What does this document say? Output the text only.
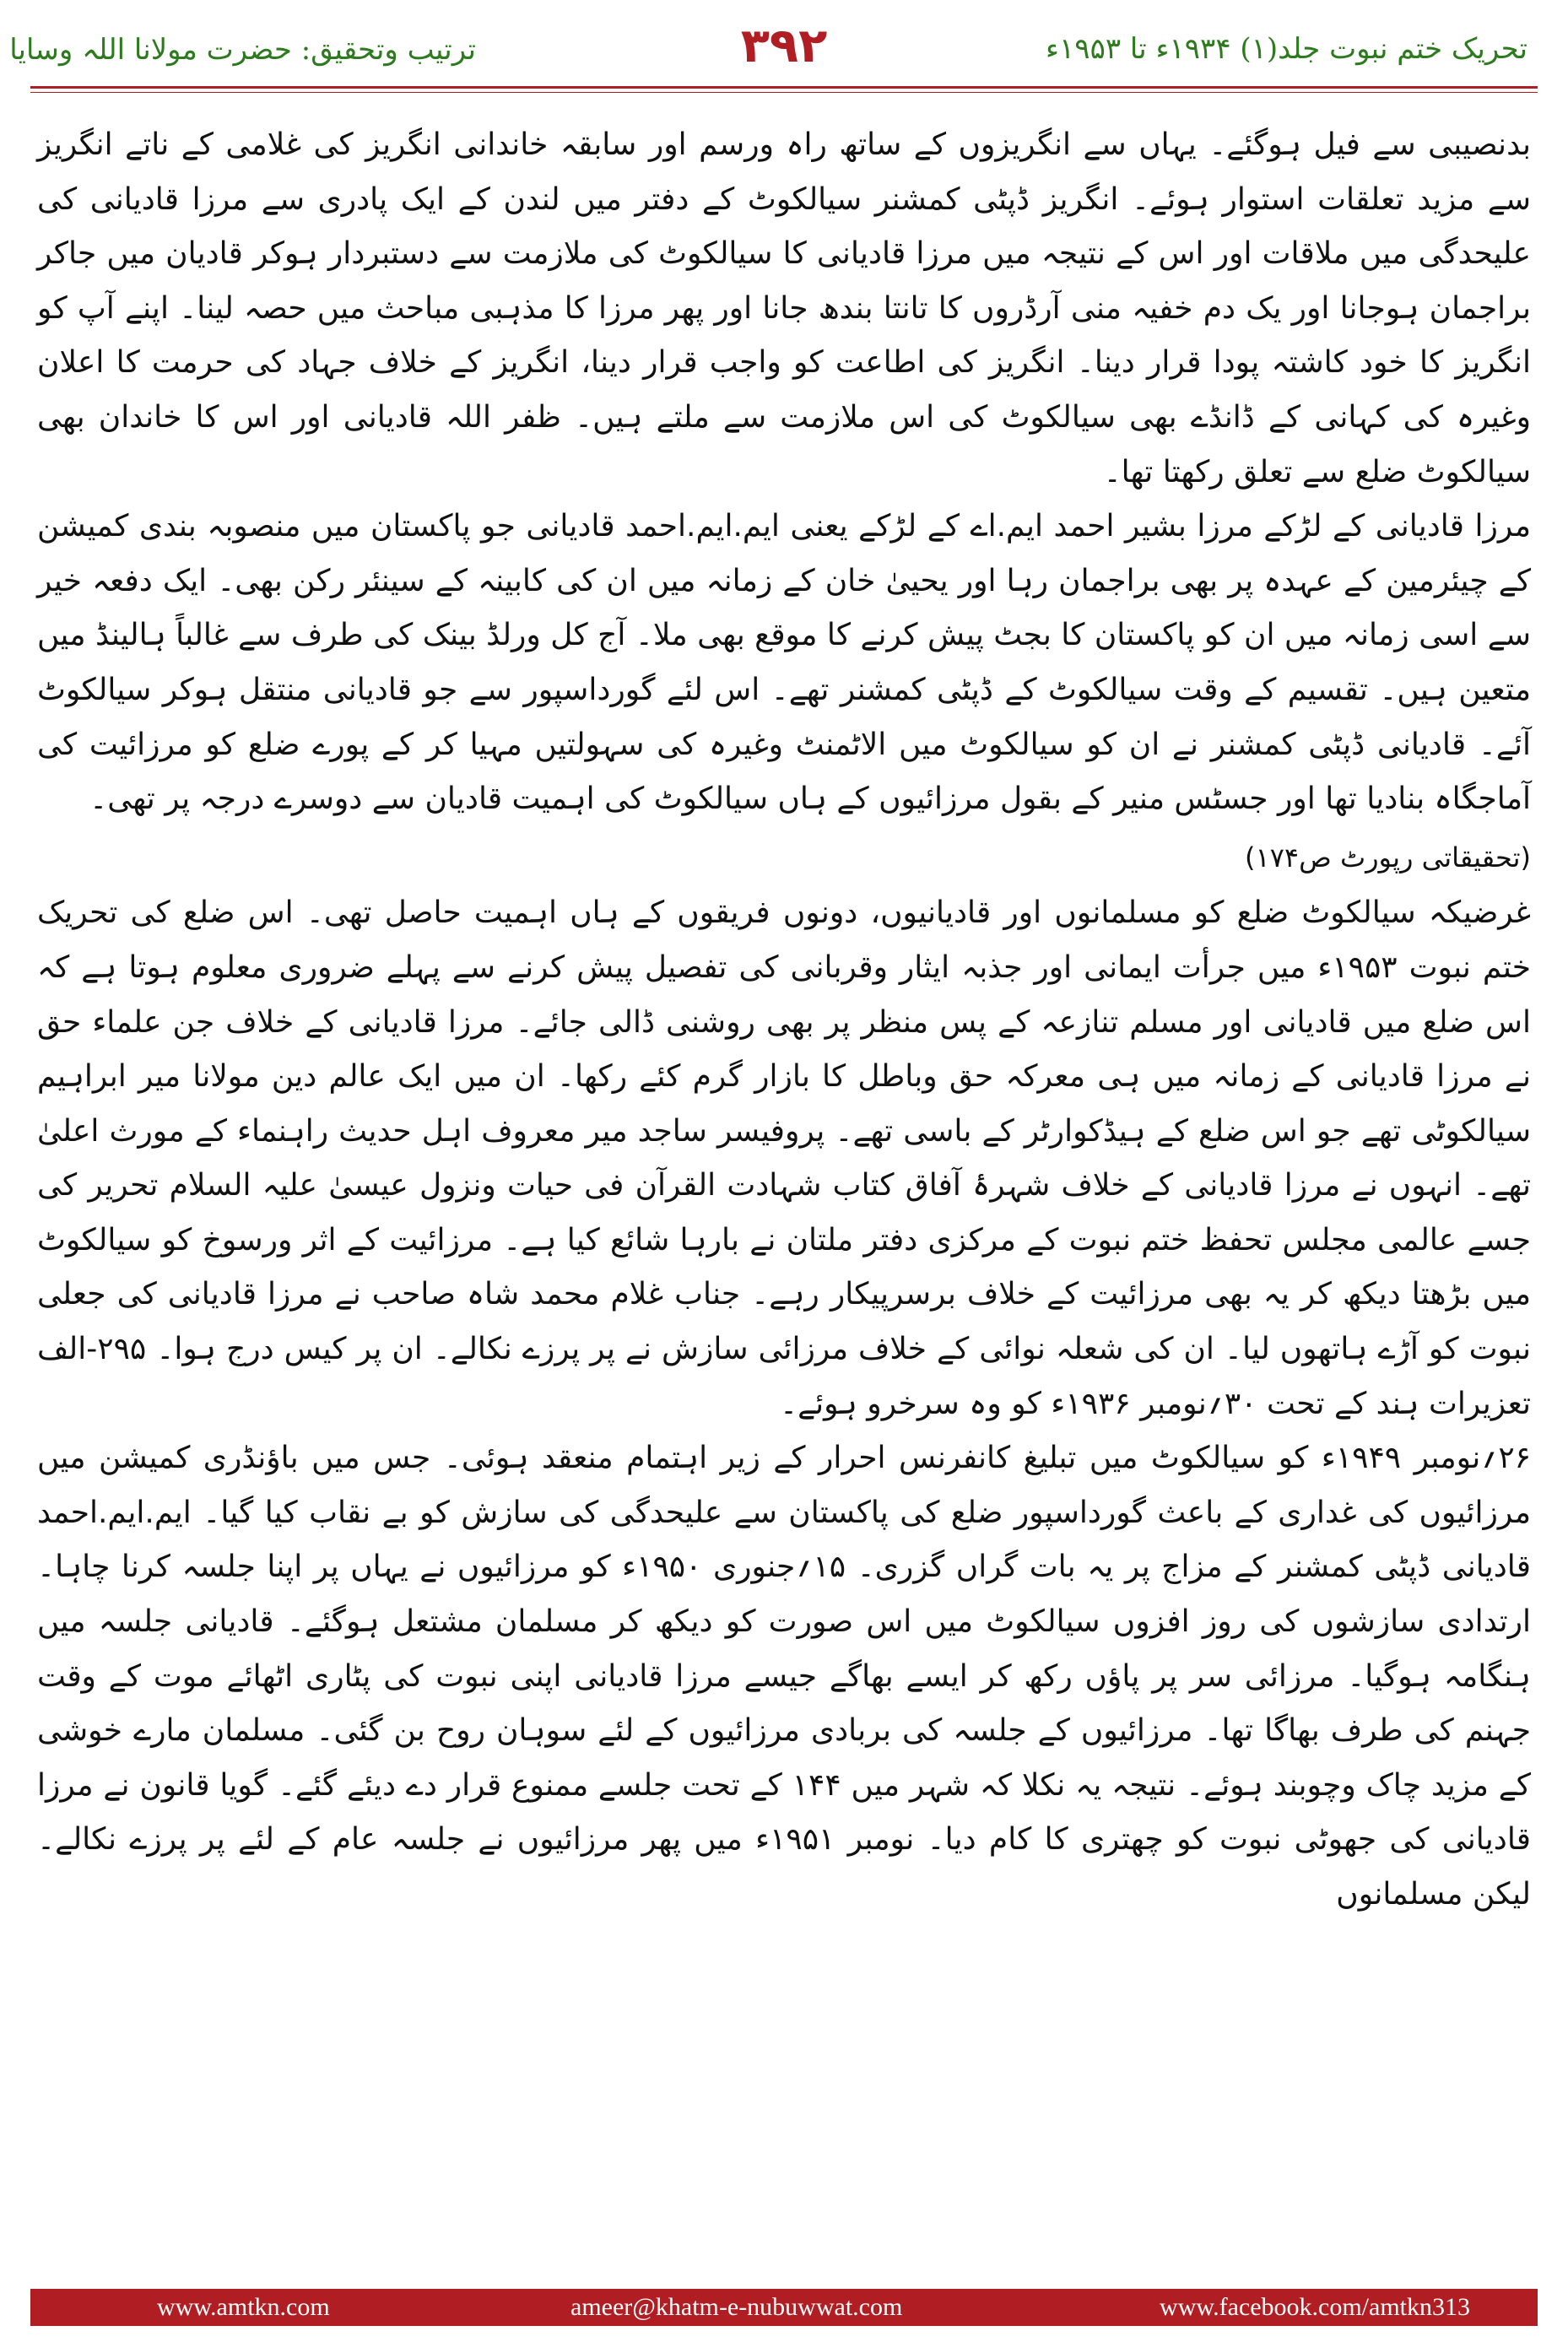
تحریک ختم نبوت جلد(۱) ۱۹۳۴ء تا ۱۹۵۳ء
۳۹۲
ترتیب وتحقیق: حضرت مولانا اللہ وسایا

بدنصیبی سے فیل ہوگئے۔ یہاں سے انگریزوں کے ساتھ راہ ورسم اور سابقہ خاندانی انگریز کی غلامی کے ناتے انگریز سے مزید تعلقات استوار ہوئے۔ انگریز ڈپٹی کمشنر سیالکوٹ کے دفتر میں لندن کے ایک پادری سے مرزا قادیانی کی علیحدگی میں ملاقات اور اس کے نتیجہ میں مرزا قادیانی کا سیالکوٹ کی ملازمت سے دستبردار ہوکر قادیان میں جاکر براجمان ہوجانا اور یک دم خفیہ منی آرڈروں کا تانتا بندھ جانا اور پھر مرزا کا مذہبی مباحث میں حصہ لینا۔ اپنے آپ کو انگریز کا خود کاشتہ پودا قرار دینا۔ انگریز کی اطاعت کو واجب قرار دینا، انگریز کے خلاف جہاد کی حرمت کا اعلان وغیرہ کی کہانی کے ڈانڈے بھی سیالکوٹ کی اس ملازمت سے ملتے ہیں۔ ظفر اللہ قادیانی اور اس کا خاندان بھی سیالکوٹ ضلع سے تعلق رکھتا تھا۔

مرزا قادیانی کے لڑکے مرزا بشیر احمد ایم.اے کے لڑکے یعنی ایم.ایم.احمد قادیانی جو پاکستان میں منصوبہ بندی کمیشن کے چیئرمین کے عہدہ پر بھی براجمان رہا اور یحییٰ خان کے زمانہ میں ان کی کابینہ کے سینئر رکن بھی۔ ایک دفعہ خیر سے اسی زمانہ میں ان کو پاکستان کا بجٹ پیش کرنے کا موقع بھی ملا۔ آج کل ورلڈ بینک کی طرف سے غالباً ہالینڈ میں متعین ہیں۔ تقسیم کے وقت سیالکوٹ کے ڈپٹی کمشنر تھے۔ اس لئے گورداسپور سے جو قادیانی منتقل ہوکر سیالکوٹ آئے۔ قادیانی ڈپٹی کمشنر نے ان کو سیالکوٹ میں الاٹمنٹ وغیرہ کی سہولتیں مہیا کر کے پورے ضلع کو مرزائیت کی آماجگاہ بنادیا تھا اور جسٹس منیر کے بقول مرزائیوں کے ہاں سیالکوٹ کی اہمیت قادیان سے دوسرے درجہ پر تھی۔

(تحقیقاتی رپورٹ ص۱۷۴)

غرضیکہ سیالکوٹ ضلع کو مسلمانوں اور قادیانیوں، دونوں فریقوں کے ہاں اہمیت حاصل تھی۔ اس ضلع کی تحریک ختم نبوت ۱۹۵۳ء میں جرأت ایمانی اور جذبہ ایثار وقربانی کی تفصیل پیش کرنے سے پہلے ضروری معلوم ہوتا ہے کہ اس ضلع میں قادیانی اور مسلم تنازعہ کے پس منظر پر بھی روشنی ڈالی جائے۔ مرزا قادیانی کے خلاف جن علماء حق نے مرزا قادیانی کے زمانہ میں ہی معرکہ حق وباطل کا بازار گرم کئے رکھا۔ ان میں ایک عالم دین مولانا میر ابراہیم سیالکوٹی تھے جو اس ضلع کے ہیڈکوارٹر کے باسی تھے۔ پروفیسر ساجد میر معروف اہل حدیث راہنماء کے مورث اعلیٰ تھے۔ انہوں نے مرزا قادیانی کے خلاف شہرۂ آفاق کتاب شہادت القرآن فی حیات ونزول عیسیٰ علیہ السلام تحریر کی جسے عالمی مجلس تحفظ ختم نبوت کے مرکزی دفتر ملتان نے بارہا شائع کیا ہے۔ مرزائیت کے اثر ورسوخ کو سیالکوٹ میں بڑھتا دیکھ کر یہ بھی مرزائیت کے خلاف برسرپیکار رہے۔ جناب غلام محمد شاہ صاحب نے مرزا قادیانی کی جعلی نبوت کو آڑے ہاتھوں لیا۔ ان کی شعلہ نوائی کے خلاف مرزائی سازش نے پر پرزے نکالے۔ ان پر کیس درج ہوا۔ ۲۹۵-الف تعزیرات ہند کے تحت ۳۰؍نومبر ۱۹۳۶ء کو وہ سرخرو ہوئے۔

۲۶؍نومبر ۱۹۴۹ء کو سیالکوٹ میں تبلیغ کانفرنس احرار کے زیر اہتمام منعقد ہوئی۔ جس میں باؤنڈری کمیشن میں مرزائیوں کی غداری کے باعث گورداسپور ضلع کی پاکستان سے علیحدگی کی سازش کو بے نقاب کیا گیا۔ ایم.ایم.احمد قادیانی ڈپٹی کمشنر کے مزاج پر یہ بات گراں گزری۔ ۱۵؍جنوری ۱۹۵۰ء کو مرزائیوں نے یہاں پر اپنا جلسہ کرنا چاہا۔ ارتدادی سازشوں کی روز افزوں سیالکوٹ میں اس صورت کو دیکھ کر مسلمان مشتعل ہوگئے۔ قادیانی جلسہ میں ہنگامہ ہوگیا۔ مرزائی سر پر پاؤں رکھ کر ایسے بھاگے جیسے مرزا قادیانی اپنی نبوت کی پٹاری اٹھائے موت کے وقت جہنم کی طرف بھاگا تھا۔ مرزائیوں کے جلسہ کی بربادی مرزائیوں کے لئے سوہان روح بن گئی۔ مسلمان مارے خوشی کے مزید چاک وچوبند ہوئے۔ نتیجہ یہ نکلا کہ شہر میں ۱۴۴ کے تحت جلسے ممنوع قرار دے دیئے گئے۔ گویا قانون نے مرزا قادیانی کی جھوٹی نبوت کو چھتری کا کام دیا۔ نومبر ۱۹۵۱ء میں پھر مرزائیوں نے جلسہ عام کے لئے پر پرزے نکالے۔ لیکن مسلمانوں

www.amtkn.com	ameer@khatm-e-nubuwwat.com	www.facebook.com/amtkn313
